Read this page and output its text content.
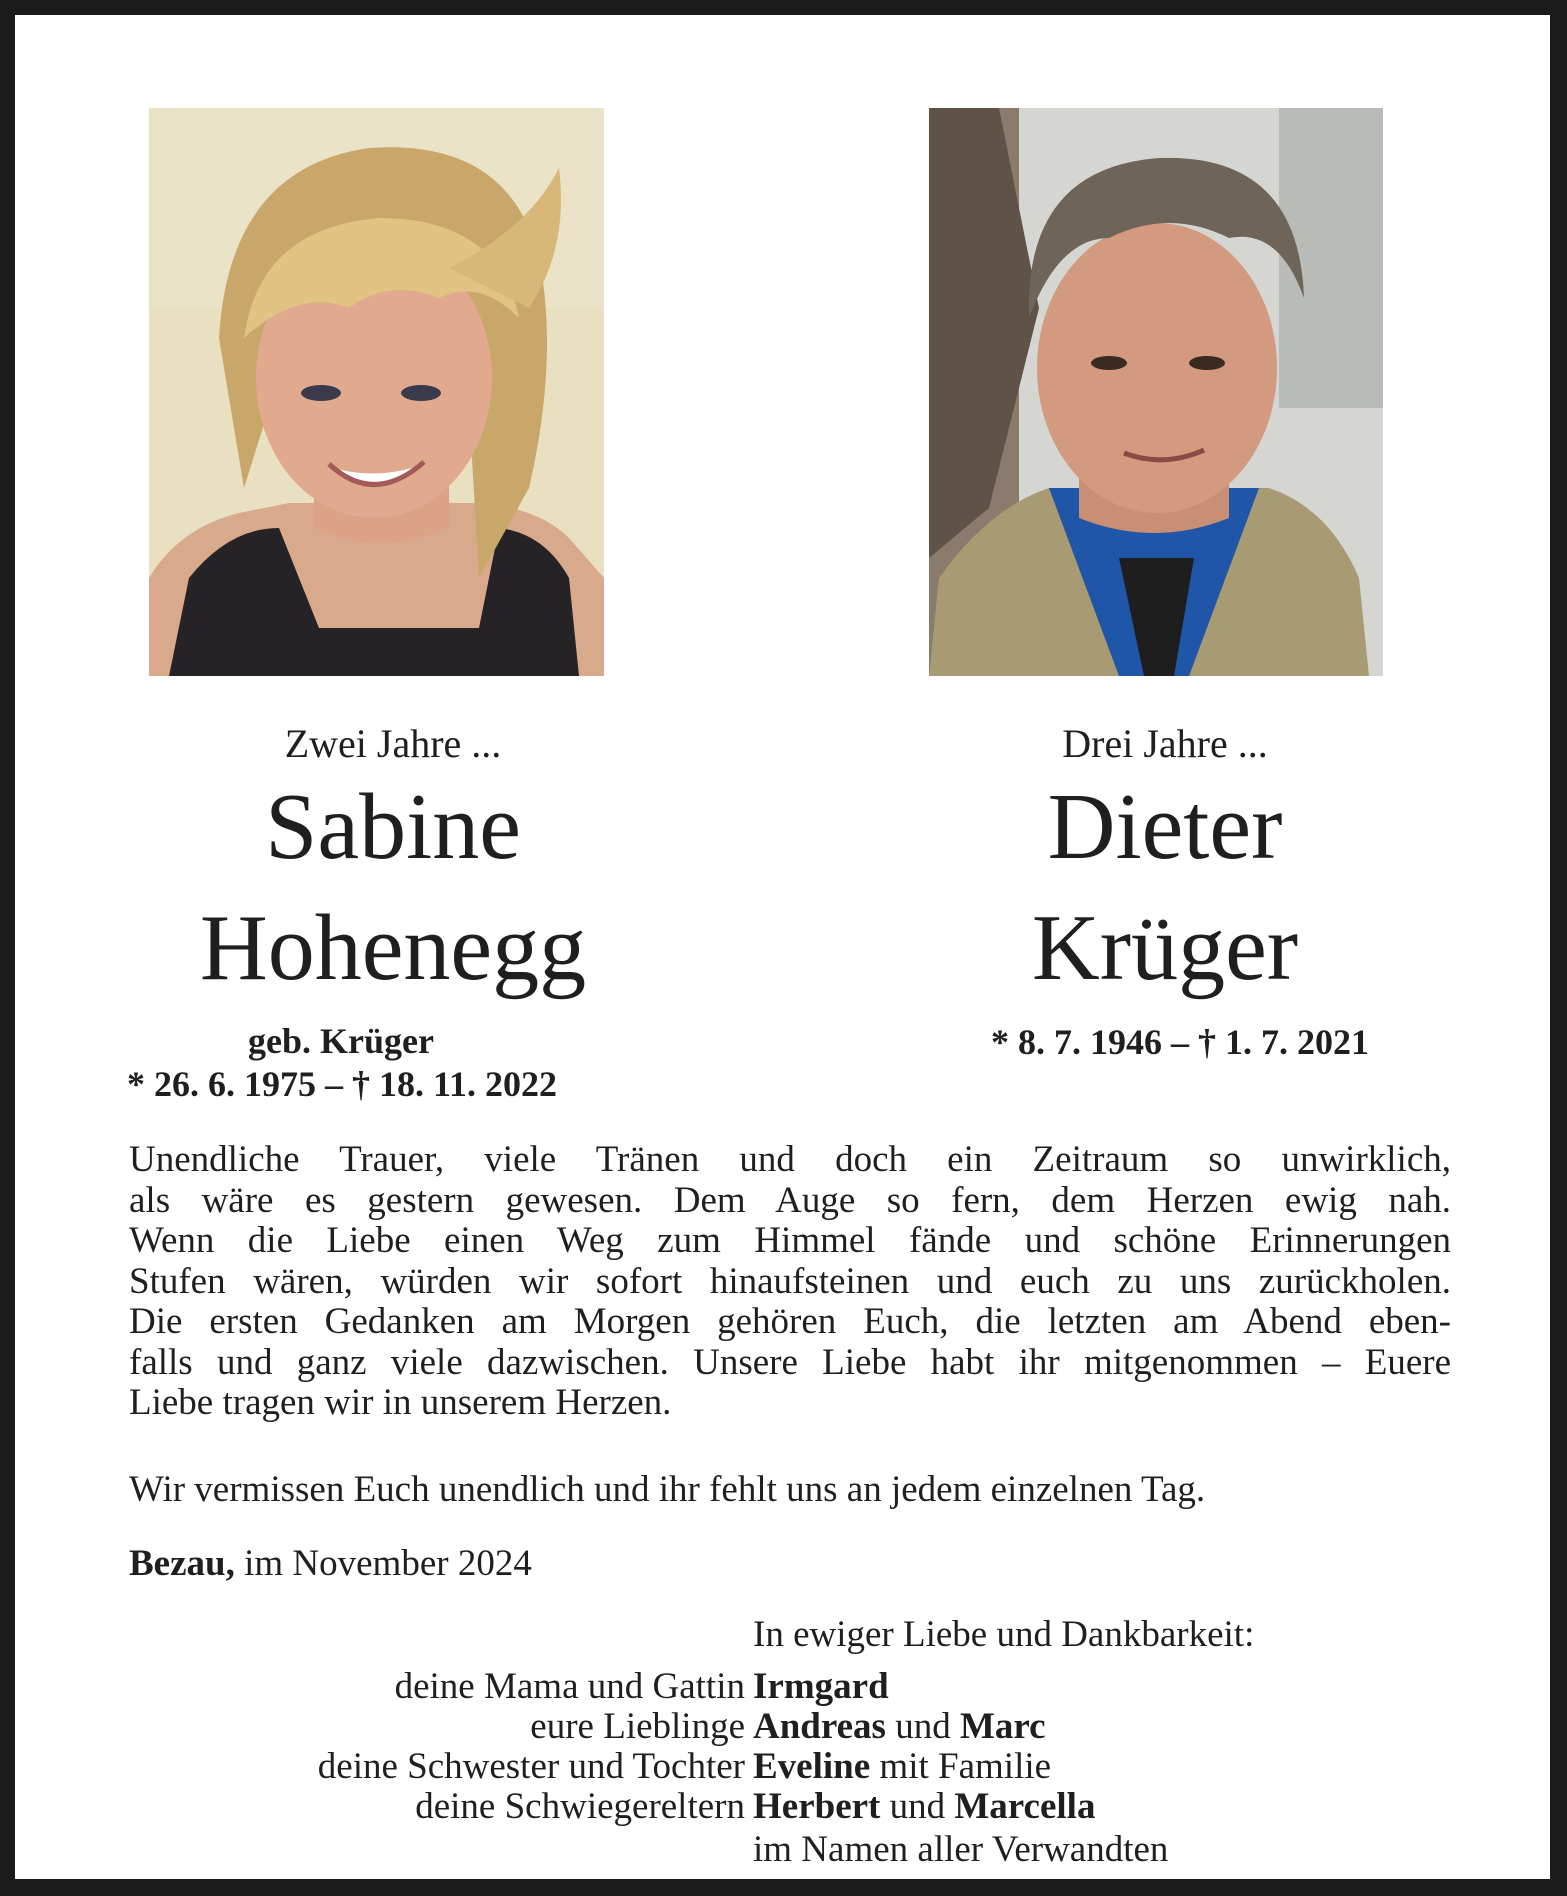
Zwei Jahre ...
Sabine
Hohenegg
geb. Krüger
* 26. 6. 1975 – † 18. 11. 2022
Drei Jahre ...
Dieter
Krüger
* 8. 7. 1946 – † 1. 7. 2021

Unendliche Trauer, viele Tränen und doch ein Zeitraum so unwirklich,

als wäre es gestern gewesen. Dem Auge so fern, dem Herzen ewig nah.

Wenn die Liebe einen Weg zum Himmel fände und schöne Erinnerungen

Stufen wären, würden wir sofort hinaufsteinen und euch zu uns zurückholen.

Die ersten Gedanken am Morgen gehören Euch, die letzten am Abend eben-

falls und ganz viele dazwischen. Unsere Liebe habt ihr mitgenommen – Euere

Liebe tragen wir in unserem Herzen.

Wir vermissen Euch unendlich und ihr fehlt uns an jedem einzelnen Tag.
Bezau, im November 2024
In ewiger Liebe und Dankbarkeit:
deine Mama und Gattin Irmgard
eure Lieblinge Andreas und Marc
deine Schwester und Tochter Eveline mit Familie
deine Schwiegereltern Herbert und Marcella
im Namen aller Verwandten
